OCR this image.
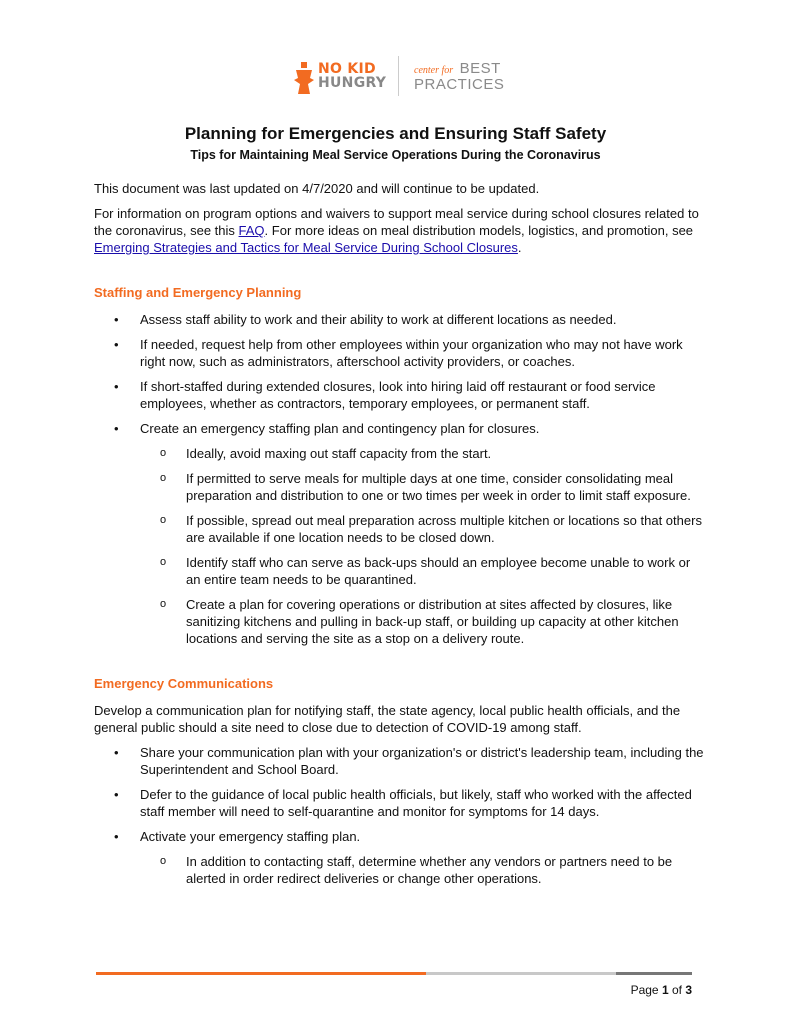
NO KID
HUNGRY
center for BEST
PRACTICES
Planning for Emergencies and Ensuring Staff Safety
Tips for Maintaining Meal Service Operations During the Coronavirus

This document was last updated on 4/7/2020 and will continue to be updated.

For information on program options and waivers to support meal service during school closures related to the coronavirus, see this FAQ. For more ideas on meal distribution models, logistics, and promotion, see Emerging Strategies and Tactics for Meal Service During School Closures.

Staffing and Emergency Planning
• Assess staff ability to work and their ability to work at different locations as needed.
• If needed, request help from other employees within your organization who may not have work right now, such as administrators, afterschool activity providers, or coaches.
• If short-staffed during extended closures, look into hiring laid off restaurant or food service employees, whether as contractors, temporary employees, or permanent staff.
• Create an emergency staffing plan and contingency plan for closures.
o Ideally, avoid maxing out staff capacity from the start.
o If permitted to serve meals for multiple days at one time, consider consolidating meal preparation and distribution to one or two times per week in order to limit staff exposure.
o If possible, spread out meal preparation across multiple kitchen or locations so that others are available if one location needs to be closed down.
o Identify staff who can serve as back-ups should an employee become unable to work or an entire team needs to be quarantined.
o Create a plan for covering operations or distribution at sites affected by closures, like sanitizing kitchens and pulling in back-up staff, or building up capacity at other kitchen locations and serving the site as a stop on a delivery route.
Emergency Communications

Develop a communication plan for notifying staff, the state agency, local public health officials, and the general public should a site need to close due to detection of COVID-19 among staff.

• Share your communication plan with your organization's or district's leadership team, including the Superintendent and School Board.
• Defer to the guidance of local public health officials, but likely, staff who worked with the affected staff member will need to self-quarantine and monitor for symptoms for 14 days.
• Activate your emergency staffing plan.
o In addition to contacting staff, determine whether any vendors or partners need to be alerted in order redirect deliveries or change other operations.
Page 1 of 3
